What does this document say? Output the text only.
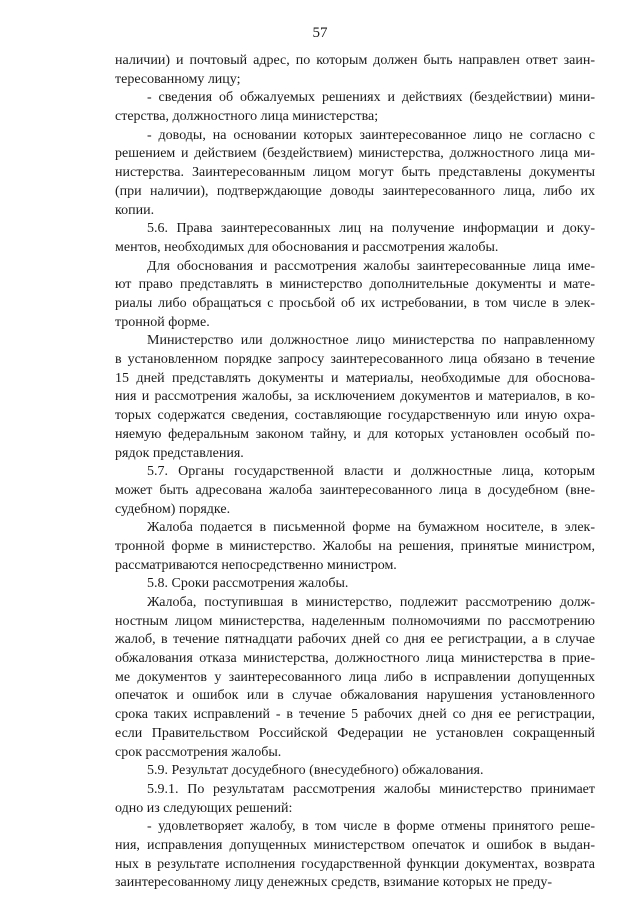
57
наличии) и почтовый адрес, по которым должен быть направлен ответ заин-
тересованному лицу;
- сведения об обжалуемых решениях и действиях (бездействии) мини-
стерства, должностного лица министерства;
- доводы, на основании которых заинтересованное лицо не согласно с
решением и действием (бездействием) министерства, должностного лица ми-
нистерства. Заинтересованным лицом могут быть представлены документы
(при наличии), подтверждающие доводы заинтересованного лица, либо их
копии.
5.6. Права заинтересованных лиц на получение информации и доку-
ментов, необходимых для обоснования и рассмотрения жалобы.
Для обоснования и рассмотрения жалобы заинтересованные лица име-
ют право представлять в министерство дополнительные документы и мате-
риалы либо обращаться с просьбой об их истребовании, в том числе в элек-
тронной форме.
Министерство или должностное лицо министерства по направленному
в установленном порядке запросу заинтересованного лица обязано в течение
15 дней представлять документы и материалы, необходимые для обоснова-
ния и рассмотрения жалобы, за исключением документов и материалов, в ко-
торых содержатся сведения, составляющие государственную или иную охра-
няемую федеральным законом тайну, и для которых установлен особый по-
рядок представления.
5.7. Органы государственной власти и должностные лица, которым
может быть адресована жалоба заинтересованного лица в досудебном (вне-
судебном) порядке.
Жалоба подается в письменной форме на бумажном носителе, в элек-
тронной форме в министерство. Жалобы на решения, принятые министром,
рассматриваются непосредственно министром.
5.8. Сроки рассмотрения жалобы.
Жалоба, поступившая в министерство, подлежит рассмотрению долж-
ностным лицом министерства, наделенным полномочиями по рассмотрению
жалоб, в течение пятнадцати рабочих дней со дня ее регистрации, а в случае
обжалования отказа министерства, должностного лица министерства в прие-
ме документов у заинтересованного лица либо в исправлении допущенных
опечаток и ошибок или в случае обжалования нарушения установленного
срока таких исправлений - в течение 5 рабочих дней со дня ее регистрации,
если Правительством Российской Федерации не установлен сокращенный
срок рассмотрения жалобы.
5.9. Результат досудебного (внесудебного) обжалования.
5.9.1. По результатам рассмотрения жалобы министерство принимает
одно из следующих решений:
- удовлетворяет жалобу, в том числе в форме отмены принятого реше-
ния, исправления допущенных министерством опечаток и ошибок в выдан-
ных в результате исполнения государственной функции документах, возврата
заинтересованному лицу денежных средств, взимание которых не преду-
